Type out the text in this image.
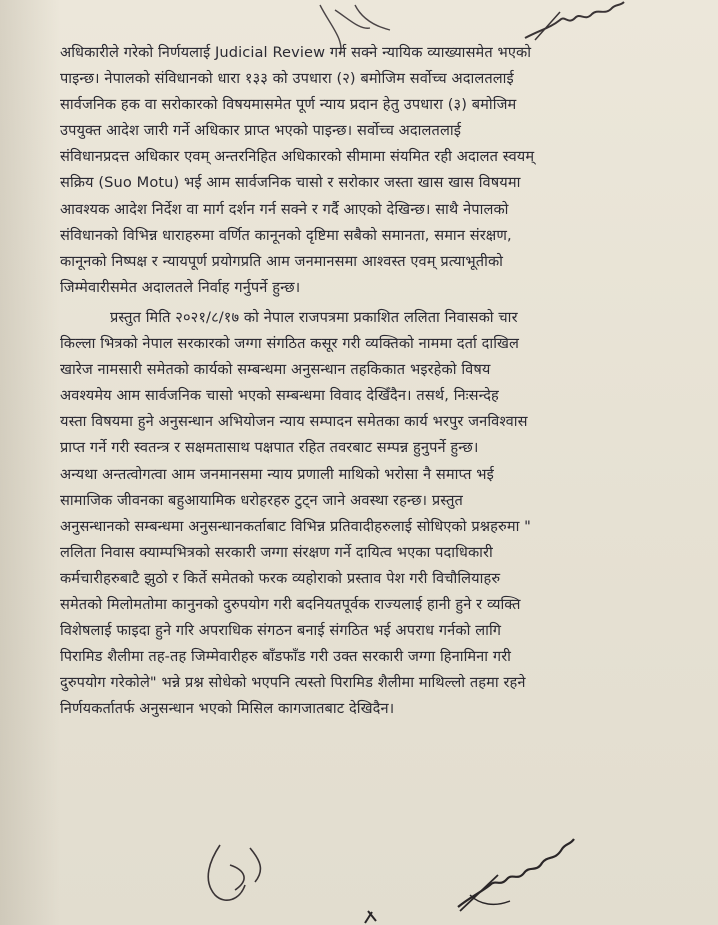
अधिकारीले गरेको निर्णयलाई Judicial Review गर्न सक्ने न्यायिक व्याख्यासमेत भएको
पाइन्छ। नेपालको संविधानको धारा १३३ को उपधारा (२) बमोजिम सर्वोच्च अदालतलाई
सार्वजनिक हक वा सरोकारको विषयमासमेत पूर्ण न्याय प्रदान हेतु उपधारा (३) बमोजिम
उपयुक्त आदेश जारी गर्ने अधिकार प्राप्त भएको पाइन्छ। सर्वोच्च अदालतलाई
संविधानप्रदत्त अधिकार एवम् अन्तरनिहित अधिकारको सीमामा संयमित रही अदालत स्वयम्
सक्रिय (Suo Motu) भई आम सार्वजनिक चासो र सरोकार जस्ता खास खास विषयमा
आवश्यक आदेश निर्देश वा मार्ग दर्शन गर्न सक्ने र गर्दै आएको देखिन्छ। साथै नेपालको
संविधानको विभिन्न धाराहरुमा वर्णित कानूनको दृष्टिमा सबैको समानता, समान संरक्षण,
कानूनको निष्पक्ष र न्यायपूर्ण प्रयोगप्रति आम जनमानसमा आश्वस्त एवम् प्रत्याभूतीको
जिम्मेवारीसमेत अदालतले निर्वाह गर्नुपर्ने हुन्छ।
प्रस्तुत मिति २०२१/८/१७ को नेपाल राजपत्रमा प्रकाशित ललिता निवासको चार
किल्ला भित्रको नेपाल सरकारको जग्गा संगठित कसूर गरी व्यक्तिको नाममा दर्ता दाखिल
खारेज नामसारी समेतको कार्यको सम्बन्धमा अनुसन्धान तहकिकात भइरहेको विषय
अवश्यमेय आम सार्वजनिक चासो भएको सम्बन्धमा विवाद देखिँदैन। तसर्थ, निःसन्देह
यस्ता विषयमा हुने अनुसन्धान अभियोजन न्याय सम्पादन समेतका कार्य भरपुर जनविश्वास
प्राप्त गर्ने गरी स्वतन्त्र र सक्षमतासाथ पक्षपात रहित तवरबाट सम्पन्न हुनुपर्ने हुन्छ।
अन्यथा अन्तत्वोगत्वा आम जनमानसमा न्याय प्रणाली माथिको भरोसा नै समाप्त भई
सामाजिक जीवनका बहुआयामिक धरोहरहरु टुट्न जाने अवस्था रहन्छ। प्रस्तुत
अनुसन्धानको सम्बन्धमा अनुसन्धानकर्ताबाट विभिन्न प्रतिवादीहरुलाई सोधिएको प्रश्नहरुमा "
ललिता निवास क्याम्पभित्रको सरकारी जग्गा संरक्षण गर्ने दायित्व भएका पदाधिकारी
कर्मचारीहरुबाटै झुठो र किर्ते समेतको फरक व्यहोराको प्रस्ताव पेश गरी विचौलियाहरु
समेतको मिलोमतोमा कानुनको दुरुपयोग गरी बदनियतपूर्वक राज्यलाई हानी हुने र व्यक्ति
विशेषलाई फाइदा हुने गरि अपराधिक संगठन बनाई संगठित भई अपराध गर्नको लागि
पिरामिड शैलीमा तह-तह जिम्मेवारीहरु बाँडफाँड गरी उक्त सरकारी जग्गा हिनामिना गरी
दुरुपयोग गरेकोले" भन्ने प्रश्न सोधेको भएपनि त्यस्तो पिरामिड शैलीमा माथिल्लो तहमा रहने
निर्णयकर्तातर्फ अनुसन्धान भएको मिसिल कागजातबाट देखिदैन।
